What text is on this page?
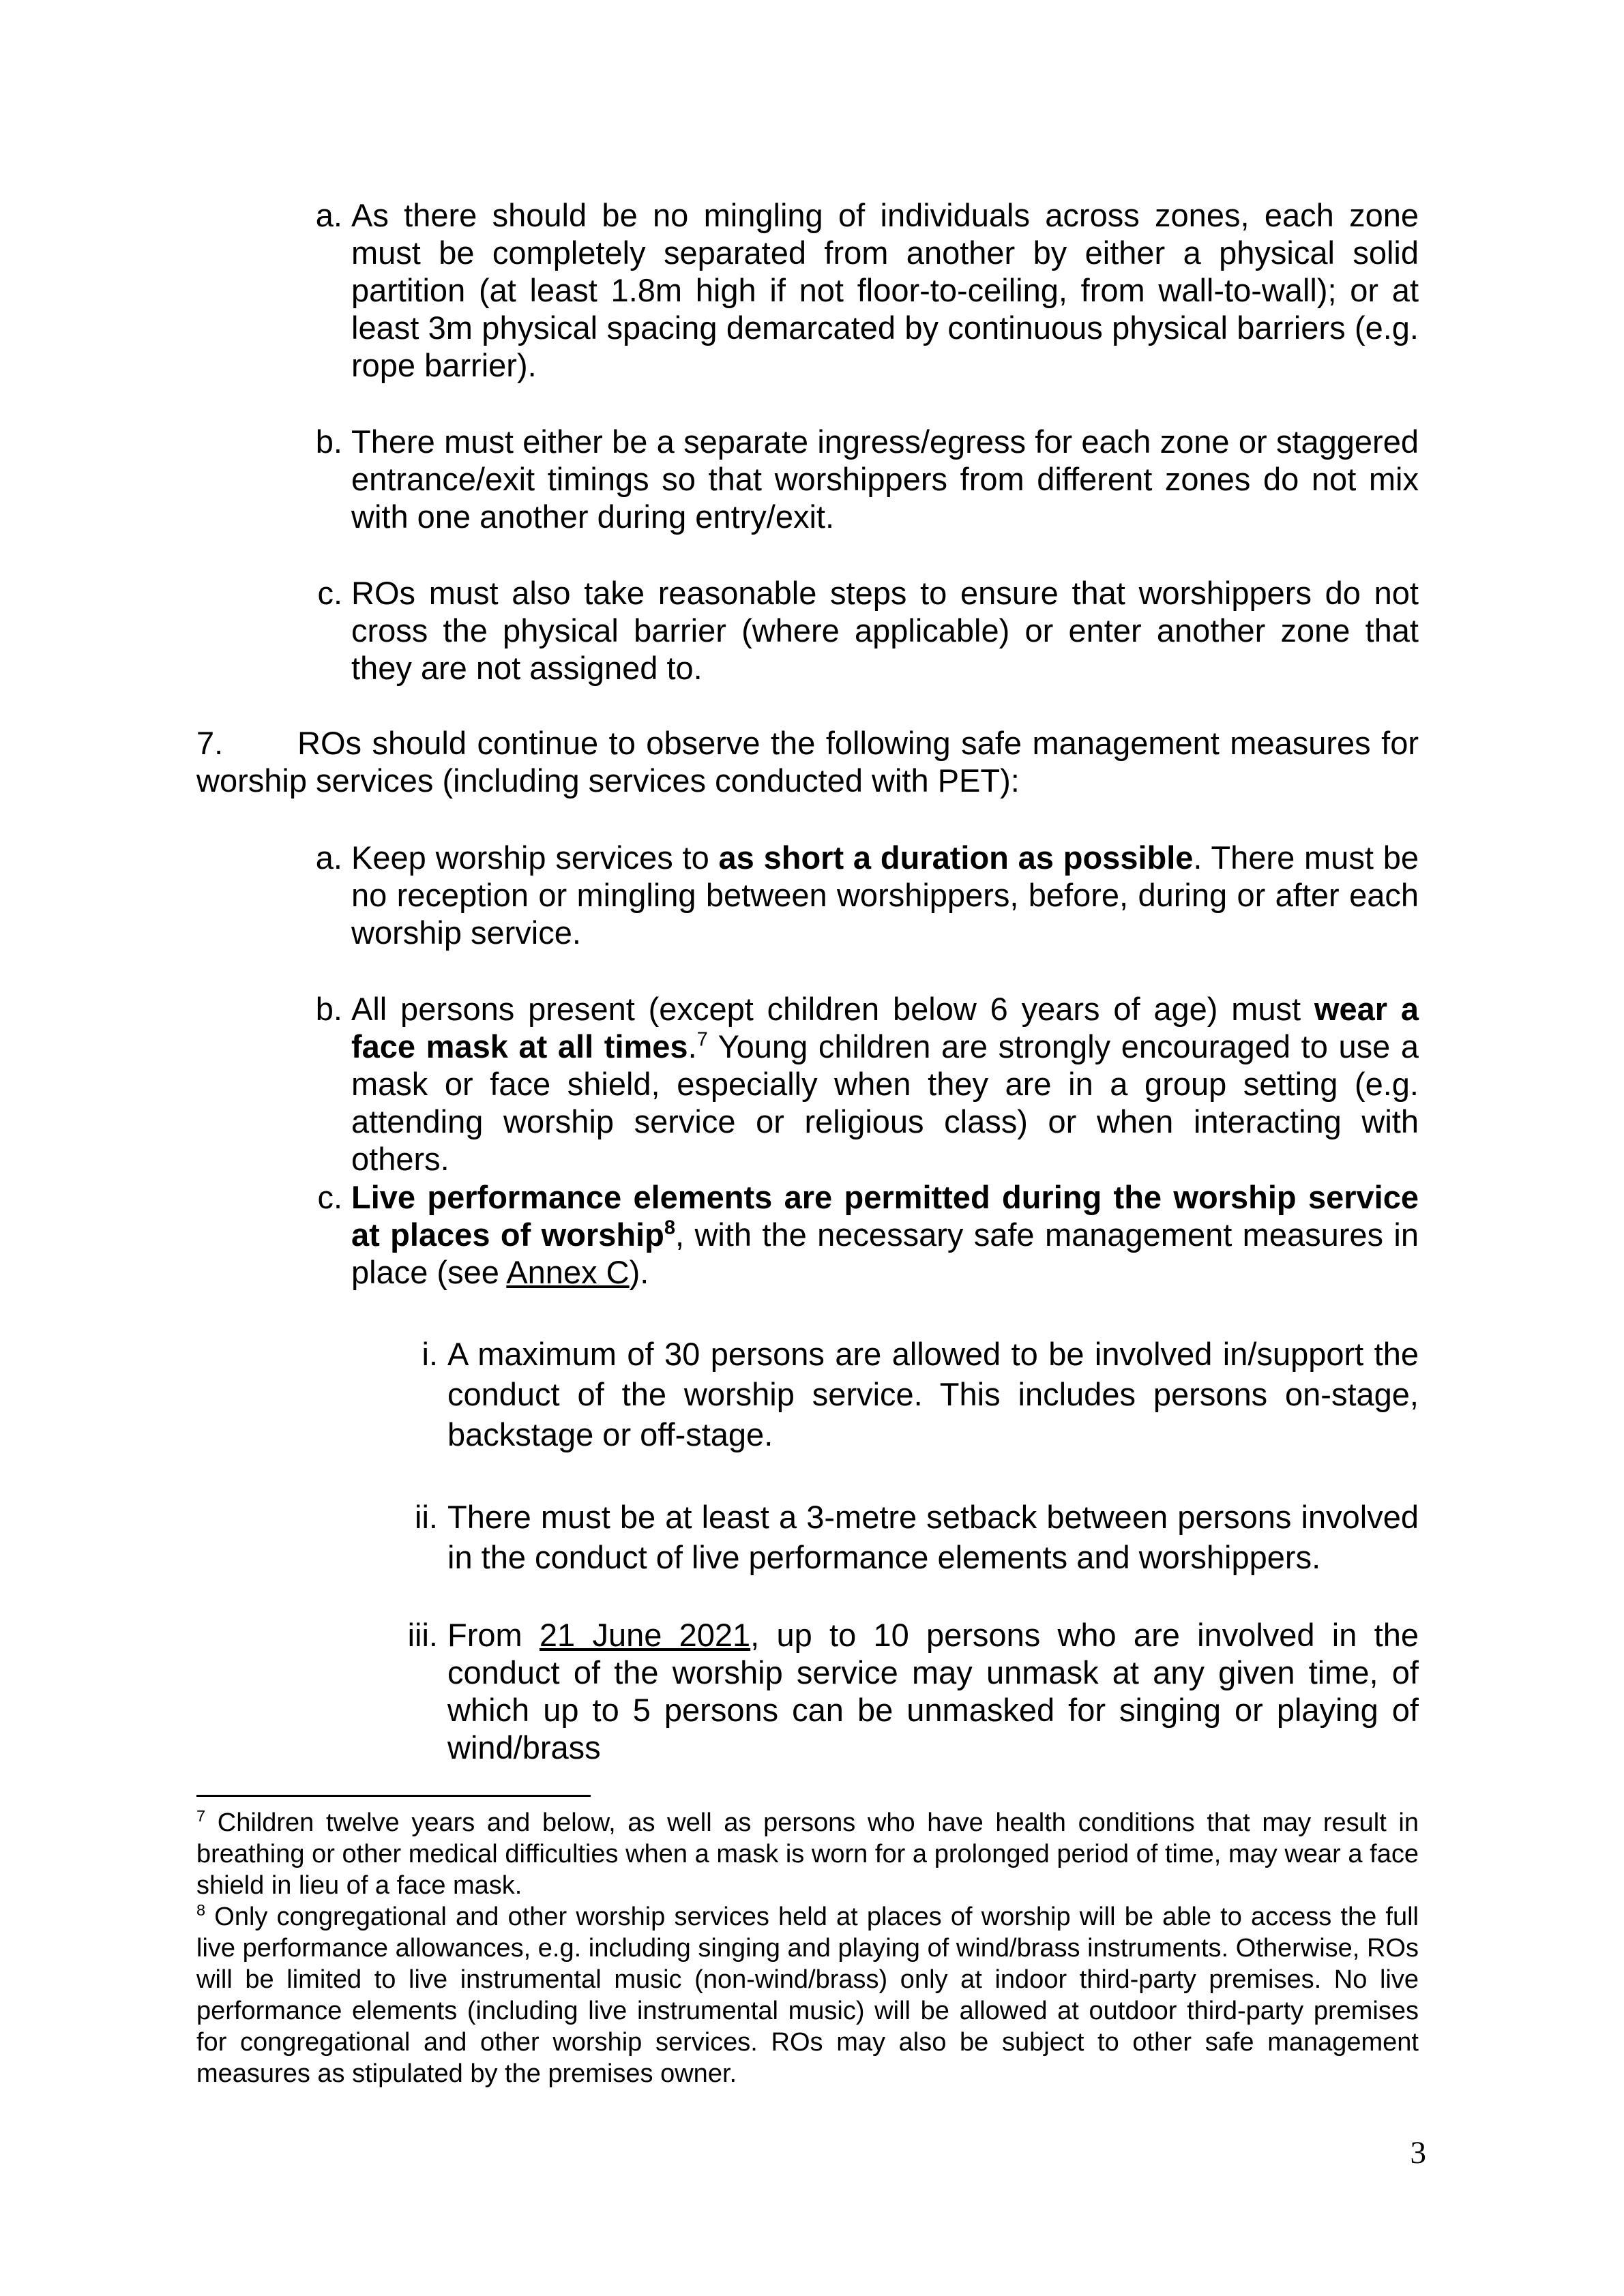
a. As there should be no mingling of individuals across zones, each zone must be completely separated from another by either a physical solid partition (at least 1.8m high if not floor-to-ceiling, from wall-to-wall); or at least 3m physical spacing demarcated by continuous physical barriers (e.g. rope barrier).
b. There must either be a separate ingress/egress for each zone or staggered entrance/exit timings so that worshippers from different zones do not mix with one another during entry/exit.
c. ROs must also take reasonable steps to ensure that worshippers do not cross the physical barrier (where applicable) or enter another zone that they are not assigned to.
7.	ROs should continue to observe the following safe management measures for worship services (including services conducted with PET):
a. Keep worship services to as short a duration as possible. There must be no reception or mingling between worshippers, before, during or after each worship service.
b. All persons present (except children below 6 years of age) must wear a face mask at all times.$^7$ Young children are strongly encouraged to use a mask or face shield, especially when they are in a group setting (e.g. attending worship service or religious class) or when interacting with others.
c. Live performance elements are permitted during the worship service at places of worship$^8$, with the necessary safe management measures in place (see Annex C).
i. A maximum of 30 persons are allowed to be involved in/support the conduct of the worship service. This includes persons on-stage, backstage or off-stage.
ii. There must be at least a 3-metre setback between persons involved in the conduct of live performance elements and worshippers.
iii. From 21 June 2021, up to 10 persons who are involved in the conduct of the worship service may unmask at any given time, of which up to 5 persons can be unmasked for singing or playing of wind/brass

$^7$ Children twelve years and below, as well as persons who have health conditions that may result in breathing or other medical difficulties when a mask is worn for a prolonged period of time, may wear a face shield in lieu of a face mask.

$^8$ Only congregational and other worship services held at places of worship will be able to access the full live performance allowances, e.g. including singing and playing of wind/brass instruments. Otherwise, ROs will be limited to live instrumental music (non-wind/brass) only at indoor third-party premises. No live performance elements (including live instrumental music) will be allowed at outdoor third-party premises for congregational and other worship services. ROs may also be subject to other safe management measures as stipulated by the premises owner.

3
